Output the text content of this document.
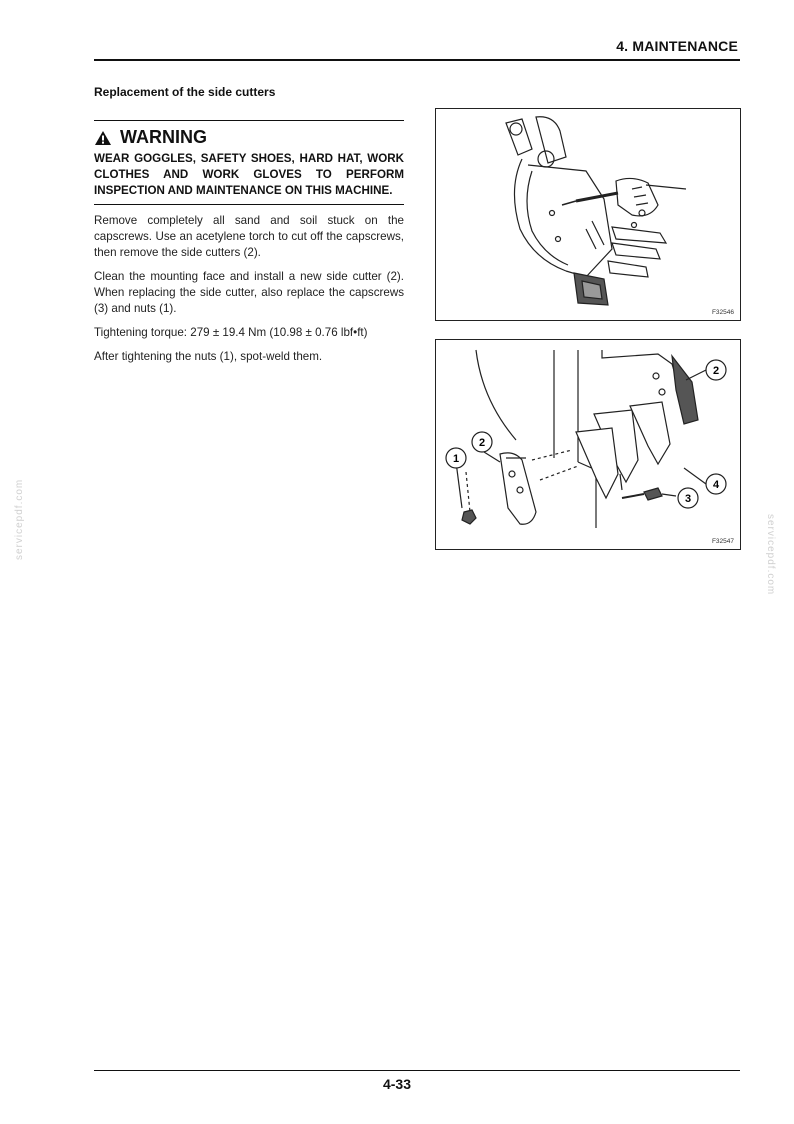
4. MAINTENANCE
Replacement of the side cutters
WARNING

WEAR GOGGLES, SAFETY SHOES, HARD HAT, WORK CLOTHES AND WORK GLOVES TO PERFORM INSPECTION AND MAINTENANCE ON THIS MACHINE.

Remove completely all sand and soil stuck on the capscrews. Use an acetylene torch to cut off the capscrews, then remove the side cutters (2).

Clean the mounting face and install a new side cutter (2). When replacing the side cutter, also replace the capscrews (3) and nuts (1).

Tightening torque: 279 ± 19.4 Nm (10.98 ± 0.76 lbf•ft)

After tightening the nuts (1), spot-weld them.

F32546
2
4
3
2
1
F32547
servicepdf.com	servicepdf.com
4-33
